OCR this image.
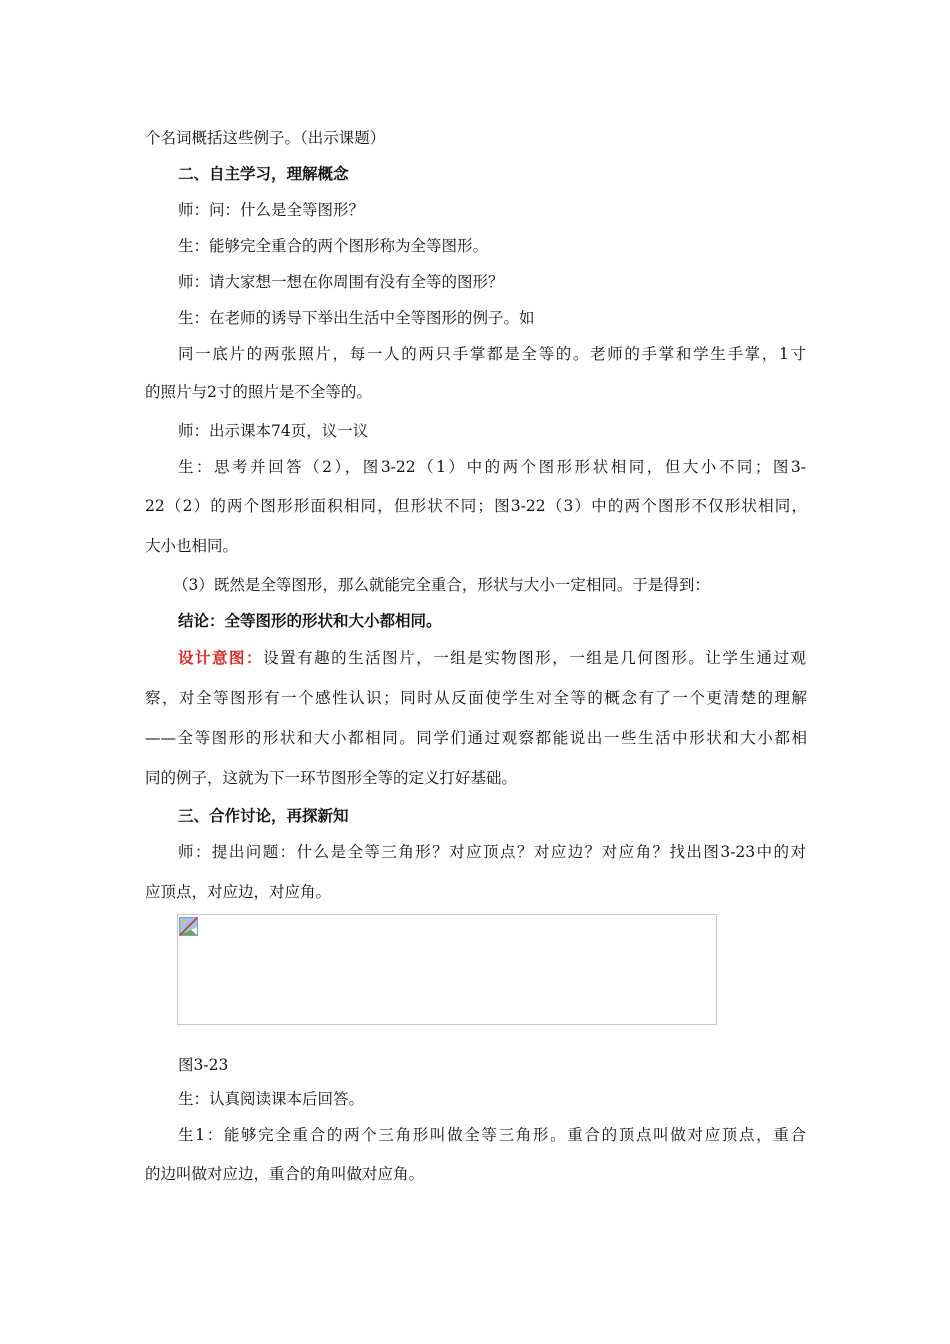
个名词概括这些例子。（出示课题）
二、自主学习，理解概念
师：问：什么是全等图形？
生：能够完全重合的两个图形称为全等图形。
师：请大家想一想在你周围有没有全等的图形？
生：在老师的诱导下举出生活中全等图形的例子。如
同一底片的两张照片，每一人的两只手掌都是全等的。老师的手掌和学生手掌，1寸
的照片与2寸的照片是不全等的。
师：出示课本74页，议一议
生：思考并回答（2），图3-22（1）中的两个图形形状相同，但大小不同；图3-
22（2）的两个图形形面积相同，但形状不同；图3-22（3）中的两个图形不仅形状相同，
大小也相同。
（3）既然是全等图形，那么就能完全重合，形状与大小一定相同。于是得到：
结论：全等图形的形状和大小都相同。
设计意图：设置有趣的生活图片，一组是实物图形，一组是几何图形。让学生通过观
察，对全等图形有一个感性认识；同时从反面使学生对全等的概念有了一个更清楚的理解
——全等图形的形状和大小都相同。同学们通过观察都能说出一些生活中形状和大小都相
同的例子，这就为下一环节图形全等的定义打好基础。
三、合作讨论，再探新知
师：提出问题：什么是全等三角形？对应顶点？对应边？对应角？找出图3-23中的对
应顶点，对应边，对应角。
图3-23
生：认真阅读课本后回答。
生1：能够完全重合的两个三角形叫做全等三角形。重合的顶点叫做对应顶点，重合
的边叫做对应边，重合的角叫做对应角。
